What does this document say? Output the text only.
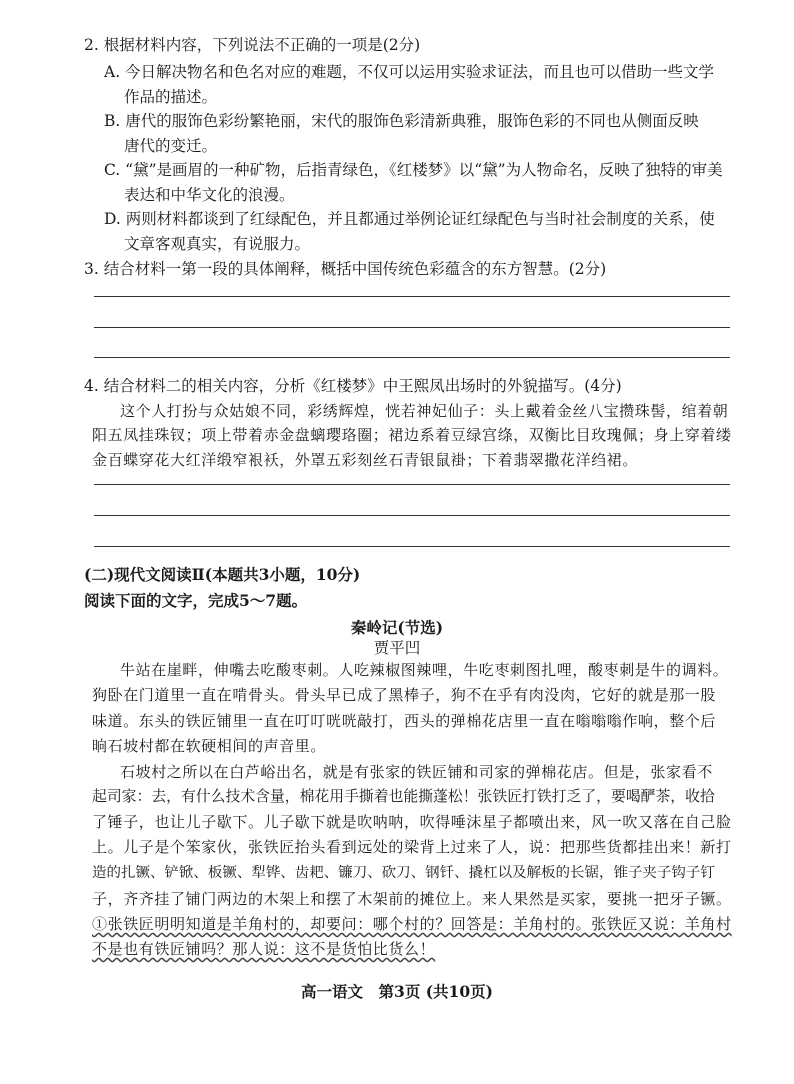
2. 根据材料内容，下列说法不正确的一项是(2分)
A. 今日解决物名和色名对应的难题，不仅可以运用实验求证法，而且也可以借助一些文学
作品的描述。
B. 唐代的服饰色彩纷繁艳丽，宋代的服饰色彩清新典雅，服饰色彩的不同也从侧面反映
唐代的变迁。
C. “黛”是画眉的一种矿物，后指青绿色，《红楼梦》以“黛”为人物命名，反映了独特的审美
表达和中华文化的浪漫。
D. 两则材料都谈到了红绿配色，并且都通过举例论证红绿配色与当时社会制度的关系，使
文章客观真实，有说服力。
3. 结合材料一第一段的具体阐释，概括中国传统色彩蕴含的东方智慧。(2分)
4. 结合材料二的相关内容，分析《红楼梦》中王熙凤出场时的外貌描写。(4分)
这个人打扮与众姑娘不同，彩绣辉煌，恍若神妃仙子：头上戴着金丝八宝攒珠髻，绾着朝
阳五凤挂珠钗；项上带着赤金盘螭璎珞圈；裙边系着豆绿宫绦，双衡比目玫瑰佩；身上穿着缕
金百蝶穿花大红洋缎窄裉袄，外罩五彩刻丝石青银鼠褂；下着翡翠撒花洋绉裙。
(二)现代文阅读Ⅱ(本题共3小题，10分)
阅读下面的文字，完成5～7题。
秦岭记(节选)
贾平凹
牛站在崖畔，伸嘴去吃酸枣刺。人吃辣椒图辣哩，牛吃枣刺图扎哩，酸枣刺是牛的调料。
狗卧在门道里一直在啃骨头。骨头早已成了黑棒子，狗不在乎有肉没肉，它好的就是那一股
味道。东头的铁匠铺里一直在叮叮咣咣敲打，西头的弹棉花店里一直在嗡嗡嗡作响，整个后
晌石坡村都在软硬相间的声音里。
石坡村之所以在白芦峪出名，就是有张家的铁匠铺和司家的弹棉花店。但是，张家看不
起司家：去，有什么技术含量，棉花用手撕着也能撕蓬松！张铁匠打铁打乏了，要喝酽茶，收拾
了锤子，也让儿子歇下。儿子歇下就是吹呐呐，吹得唾沫星子都喷出来，风一吹又落在自己脸
上。儿子是个笨家伙，张铁匠抬头看到远处的梁背上过来了人，说：把那些货都挂出来！新打
造的扎镢、铲锨、板镢、犁铧、齿耙、镰刀、砍刀、钢钎、撬杠以及解板的长锯，锥子夹子钩子钉
子，齐齐挂了铺门两边的木架上和摆了木架前的摊位上。来人果然是买家，要挑一把牙子镢。
①张铁匠明明知道是羊角村的，却要问：哪个村的？回答是：羊角村的。张铁匠又说：羊角村
不是也有铁匠铺吗？那人说：这不是货怕比货么！
高一语文　第3页 (共10页)
